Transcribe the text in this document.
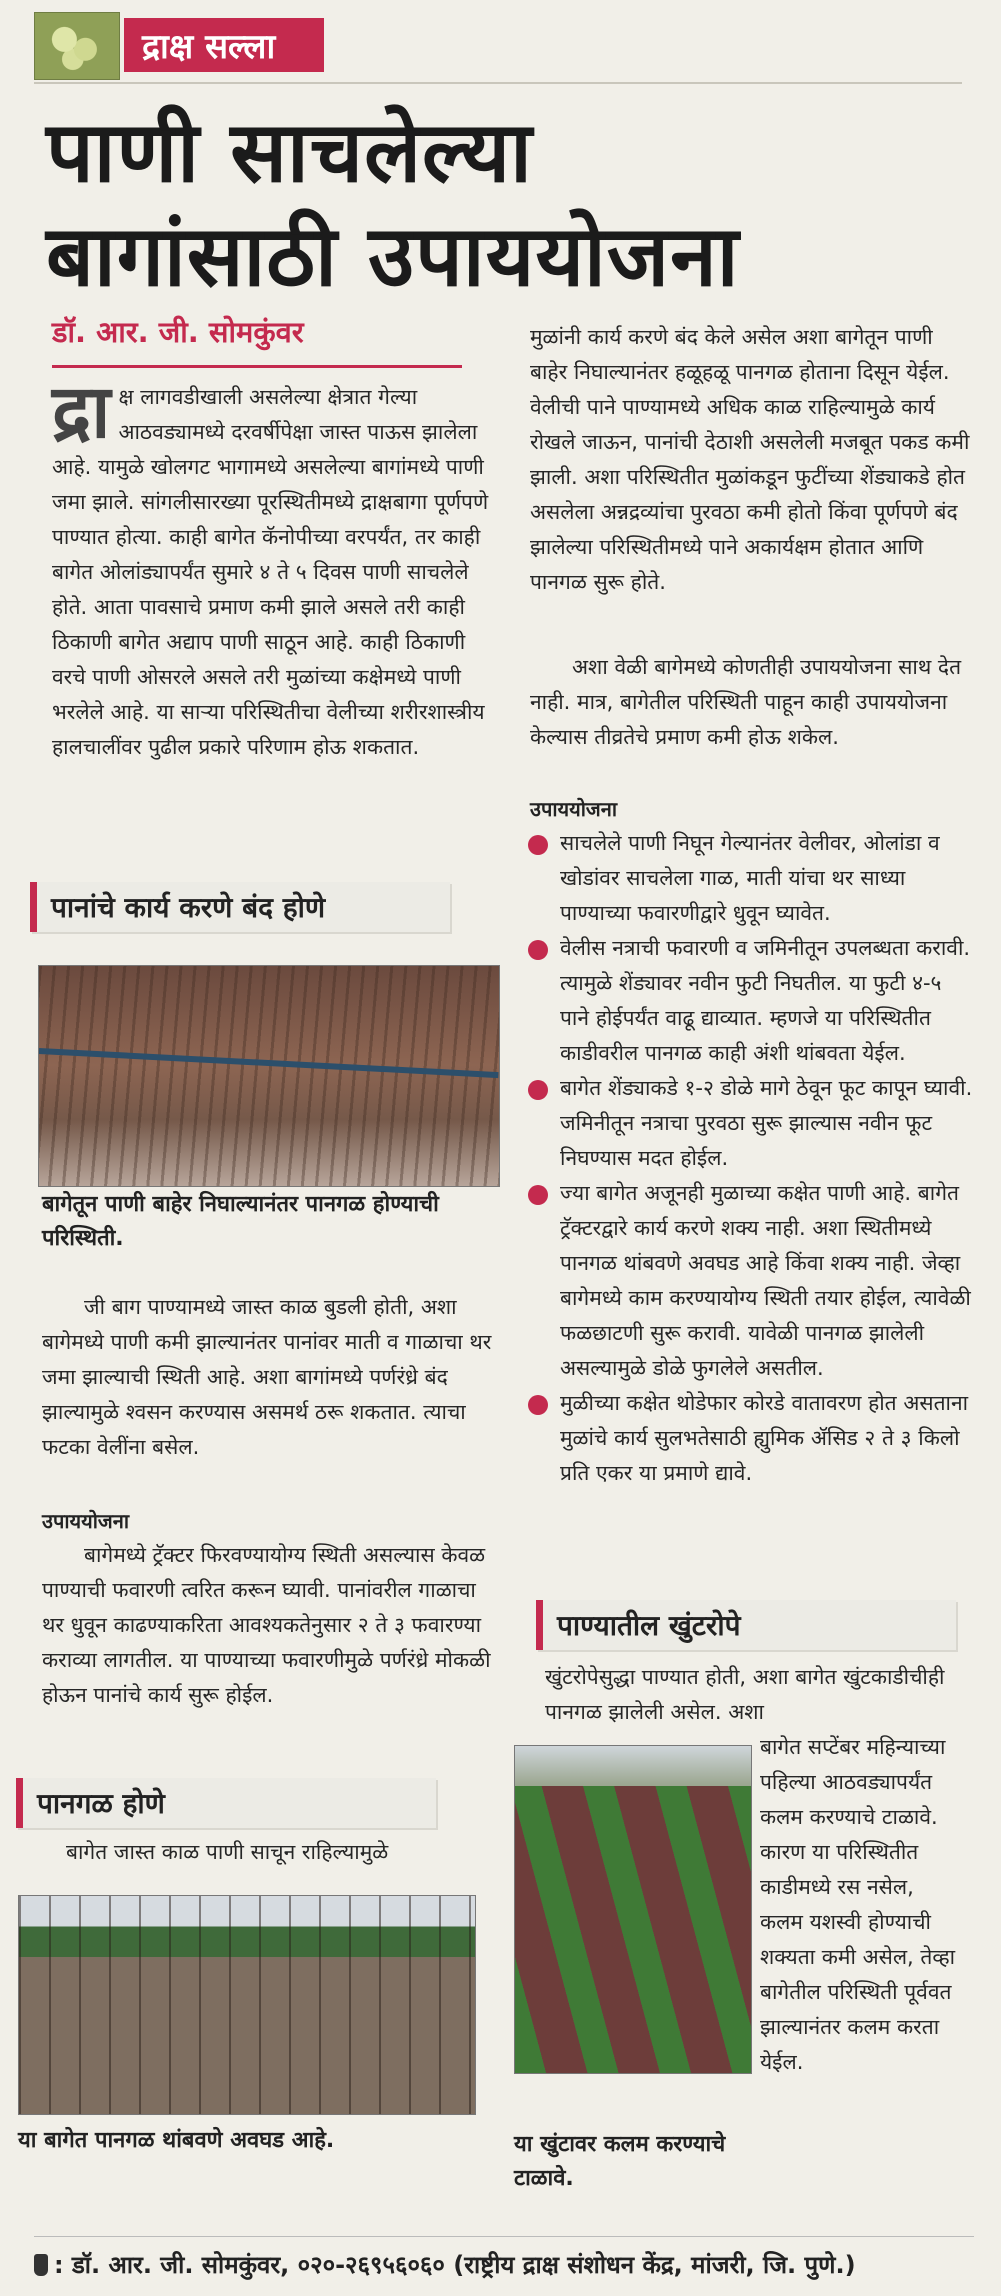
द्राक्ष सल्ला
पाणी साचलेल्या
बागांसाठी उपाययोजना
डॉ. आर. जी. सोमकुंवर
द्रा क्ष लागवडीखाली असलेल्या क्षेत्रात गेल्या आठवड्यामध्ये दरवर्षीपेक्षा जास्त पाऊस झालेला आहे. यामुळे खोलगट भागामध्ये असलेल्या बागांमध्ये पाणी जमा झाले. सांगलीसारख्या पूरस्थितीमध्ये द्राक्षबागा पूर्णपणे पाण्यात होत्या. काही बागेत कॅनोपीच्या वरपर्यंत, तर काही बागेत ओलांड्यापर्यंत सुमारे ४ ते ५ दिवस पाणी साचलेले होते. आता पावसाचे प्रमाण कमी झाले असले तरी काही ठिकाणी बागेत अद्याप पाणी साठून आहे. काही ठिकाणी वरचे पाणी ओसरले असले तरी मुळांच्या कक्षेमध्ये पाणी भरलेले आहे. या साऱ्या परिस्थितीचा वेलीच्या शरीरशास्त्रीय हालचालींवर पुढील प्रकारे परिणाम होऊ शकतात.
पानांचे कार्य करणे बंद होणे
बागेतून पाणी बाहेर निघाल्यानंतर पानगळ होण्याची परिस्थिती.
जी बाग पाण्यामध्ये जास्त काळ बुडली होती, अशा बागेमध्ये पाणी कमी झाल्यानंतर पानांवर माती व गाळाचा थर जमा झाल्याची स्थिती आहे. अशा बागांमध्ये पर्णरंध्रे बंद झाल्यामुळे श्‍वसन करण्यास असमर्थ ठरू शकतात. त्याचा फटका वेलींना बसेल.
उपाययोजना
बागेमध्ये ट्रॅक्टर फिरवण्यायोग्य स्थिती असल्यास केवळ पाण्याची फवारणी त्वरित करून घ्यावी. पानांवरील गाळाचा थर धुवून काढण्याकरिता आवश्यकतेनुसार २ ते ३ फवारण्या कराव्या लागतील. या पाण्याच्या फवारणीमुळे पर्णरंध्रे मोकळी होऊन पानांचे कार्य सुरू होईल.
पानगळ होणे
बागेत जास्त काळ पाणी साचून राहिल्यामुळे
या बागेत पानगळ थांबवणे अवघड आहे.
मुळांनी कार्य करणे बंद केले असेल अशा बागेतून पाणी बाहेर निघाल्यानंतर हळूहळू पानगळ होताना दिसून येईल. वेलीची पाने पाण्यामध्ये अधिक काळ राहिल्यामुळे कार्य रोखले जाऊन, पानांची देठाशी असलेली मजबूत पकड कमी झाली. अशा परिस्थितीत मुळांकडून फुटींच्या शेंड्याकडे होत असलेला अन्नद्रव्यांचा पुरवठा कमी होतो किंवा पूर्णपणे बंद झालेल्या परिस्थितीमध्ये पाने अकार्यक्षम होतात आणि पानगळ सुरू होते.
अशा वेळी बागेमध्ये कोणतीही उपाययोजना साथ देत नाही. मात्र, बागेतील परिस्थिती पाहून काही उपाययोजना केल्यास तीव्रतेचे प्रमाण कमी होऊ शकेल.
उपाययोजना
साचलेले पाणी निघून गेल्यानंतर वेलीवर, ओलांडा व खोडांवर साचलेला गाळ, माती यांचा थर साध्या पाण्याच्या फवारणीद्वारे धुवून घ्यावेत.
वेलीस नत्राची फवारणी व जमिनीतून उपलब्धता करावी. त्यामुळे शेंड्यावर नवीन फुटी निघतील. या फुटी ४-५ पाने होईपर्यंत वाढू द्याव्यात. म्हणजे या परिस्थितीत काडीवरील पानगळ काही अंशी थांबवता येईल.
बागेत शेंड्याकडे १-२ डोळे मागे ठेवून फूट कापून घ्यावी. जमिनीतून नत्राचा पुरवठा सुरू झाल्यास नवीन फूट निघण्यास मदत होईल.
ज्या बागेत अजूनही मुळाच्या कक्षेत पाणी आहे. बागेत ट्रॅक्टरद्वारे कार्य करणे शक्य नाही. अशा स्थितीमध्ये पानगळ थांबवणे अवघड आहे किंवा शक्य नाही. जेव्हा बागेमध्ये काम करण्यायोग्य स्थिती तयार होईल, त्यावेळी फळछाटणी सुरू करावी. यावेळी पानगळ झालेली असल्यामुळे डोळे फुगलेले असतील.
मुळीच्या कक्षेत थोडेफार कोरडे वातावरण होत असताना मुळांचे कार्य सुलभतेसाठी ह्युमिक ॲसिड २ ते ३ किलो प्रति एकर या प्रमाणे द्यावे.
पाण्यातील खुंटरोपे
खुंटरोपेसुद्धा पाण्यात होती, अशा बागेत खुंटकाडीचीही पानगळ झालेली असेल. अशा
बागेत सप्टेंबर महिन्याच्या पहिल्या आठवड्यापर्यंत कलम करण्याचे टाळावे. कारण या परिस्थितीत काडीमध्ये रस नसेल, कलम यशस्वी होण्याची शक्यता कमी असेल, तेव्हा बागेतील परिस्थिती पूर्ववत झाल्यानंतर कलम करता येईल.
या खुंटावर कलम करण्याचे टाळावे.
: डॉ. आर. जी. सोमकुंवर, ०२०-२६९५६०६० (राष्ट्रीय द्राक्ष संशोधन केंद्र, मांजरी, जि. पुणे.)
